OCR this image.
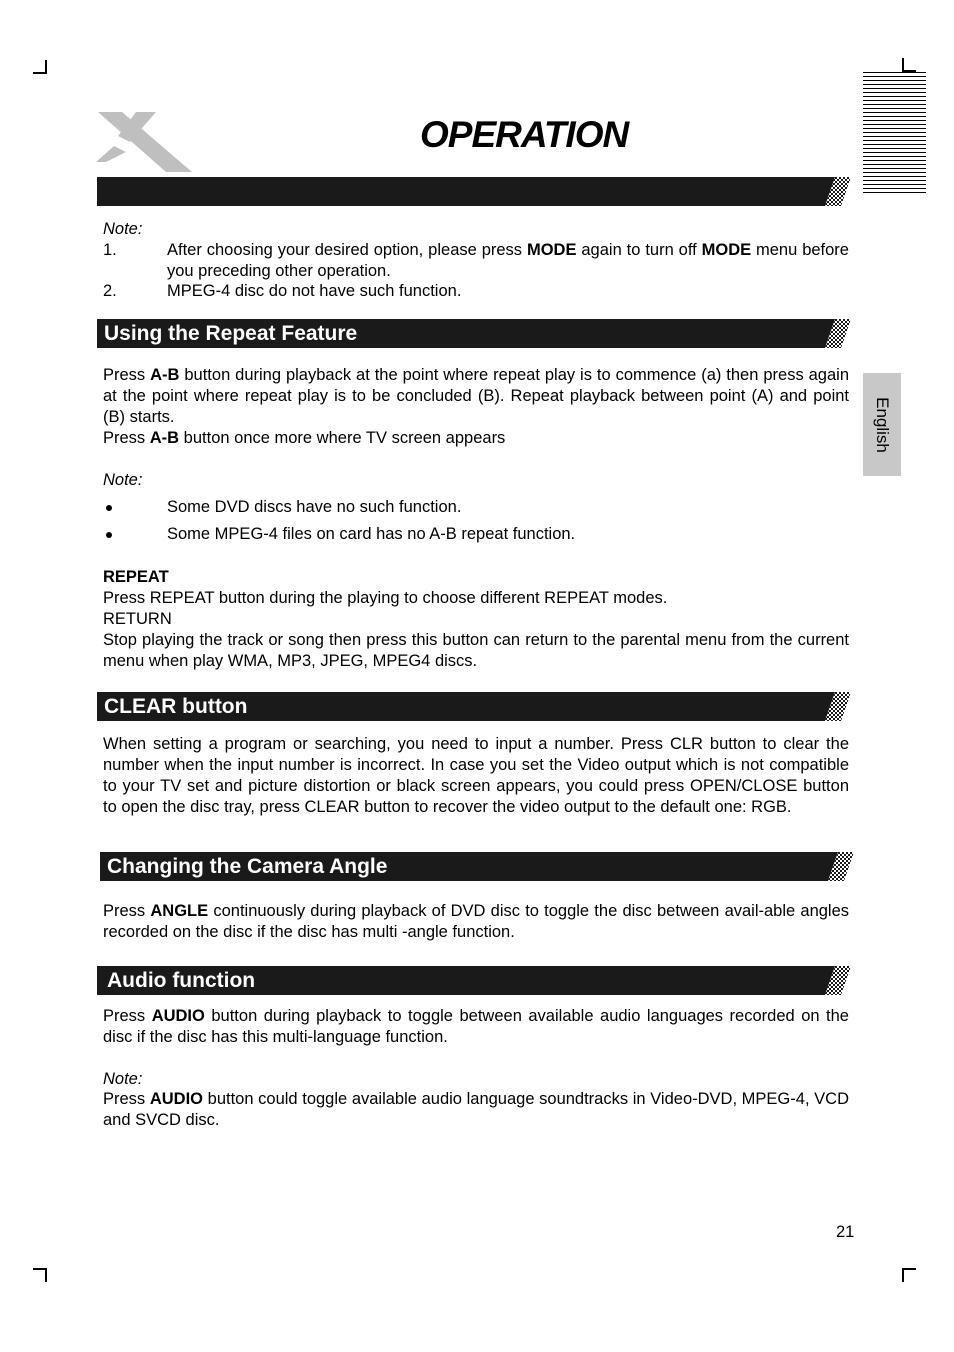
OPERATION
English
Note:
1.	After choosing your desired option, please press MODE again to turn off MODE menu before you preceding other operation.
2.	MPEG-4 disc do not have such function.
Using the Repeat Feature

Press A-B button during playback at the point where repeat play is to commence (a) then press again at the point where repeat play is to be concluded (B). Repeat playback between point (A) and point (B) starts.

Press A-B button once more where TV screen appears

Note:
Some DVD discs have no such function.
Some MPEG-4 files on card has no A-B repeat function.

REPEAT

Press REPEAT button during the playing to choose different REPEAT modes.

RETURN

Stop playing the track or song then press this button can return to the parental menu from the current menu when play WMA, MP3, JPEG, MPEG4 discs.

CLEAR button
When setting a program or searching, you need to input a number. Press CLR button to clear the number when the input number is incorrect. In case you set the Video output which is not compatible to your TV set and picture distortion or black screen appears, you could press OPEN/CLOSE button to open the disc tray, press CLEAR button to recover the video output to the default one: RGB.
Changing the Camera Angle
Press ANGLE continuously during playback of DVD disc to toggle the disc between avail-able angles recorded on the disc if the disc has multi -angle function.
Audio function
Press AUDIO button during playback to toggle between available audio languages recorded on the disc if the disc has this multi-language function.
Note:
Press AUDIO button could toggle available audio language soundtracks in Video-DVD, MPEG-4, VCD and SVCD disc.
21
